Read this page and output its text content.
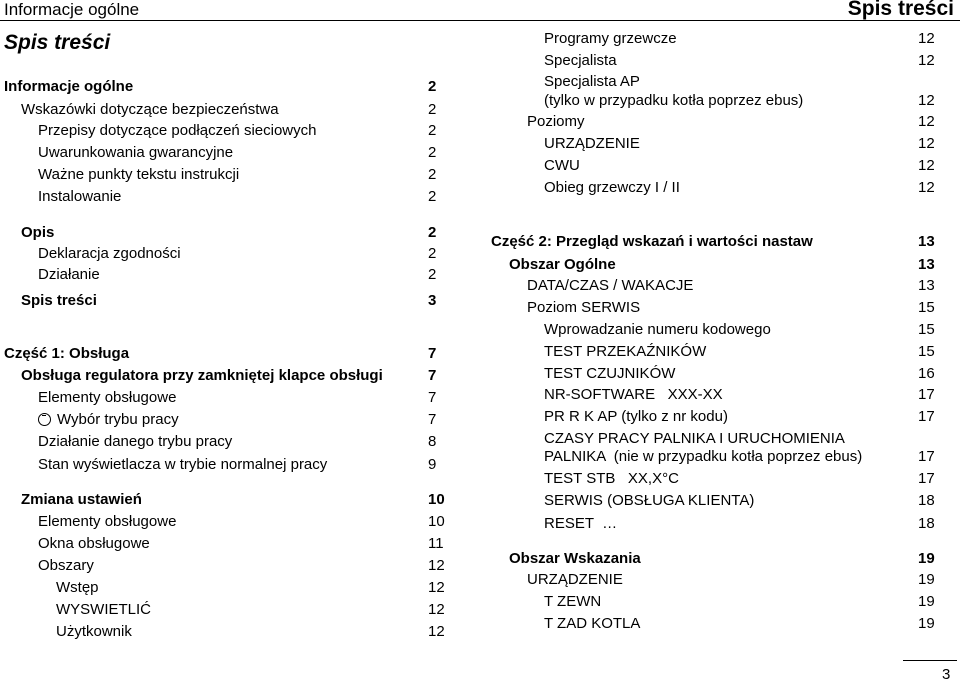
Informacje ogólne	Spis treści
Spis treści
Informacje ogólne	2
Wskazówki dotyczące bezpieczeństwa	2
Przepisy dotyczące podłączeń sieciowych	2
Uwarunkowania gwarancyjne	2
Ważne punkty tekstu instrukcji	2
Instalowanie	2
Opis	2
Deklaracja zgodności	2
Działanie	2
Spis treści	3
Część 1: Obsługa	7
Obsługa regulatora przy zamkniętej klapce obsługi	7
Elementy obsługowe	7
Wybór trybu pracy	7
Działanie danego trybu pracy	8
Stan wyświetlacza w trybie normalnej pracy	9
Zmiana ustawień	10
Elementy obsługowe	10
Okna obsługowe	11
Obszary	12
Wstęp	12
WYSWIETLIĆ	12
Użytkownik	12
Programy grzewcze	12
Specjalista	12
Specjalista AP
(tylko w przypadku kotła poprzez ebus)	12
Poziomy	12
URZĄDZENIE	12
CWU	12
Obieg grzewczy I / II	12
Część 2: Przegląd wskazań i wartości nastaw	13
Obszar Ogólne	13
DATA/CZAS / WAKACJE	13
Poziom SERWIS	15
Wprowadzanie numeru kodowego	15
TEST PRZEKAŹNIKÓW	15
TEST CZUJNIKÓW	16
NR-SOFTWARE   XXX-XX	17
PR R K AP (tylko z nr kodu)	17
CZASY PRACY PALNIKA I URUCHOMIENIA
PALNIKA  (nie w przypadku kotła poprzez ebus)	17
TEST STB   XX,X°C	17
SERWIS (OBSŁUGA KLIENTA)	18
RESET  …	18
Obszar Wskazania	19
URZĄDZENIE	19
T ZEWN	19
T ZAD KOTLA	19
3
